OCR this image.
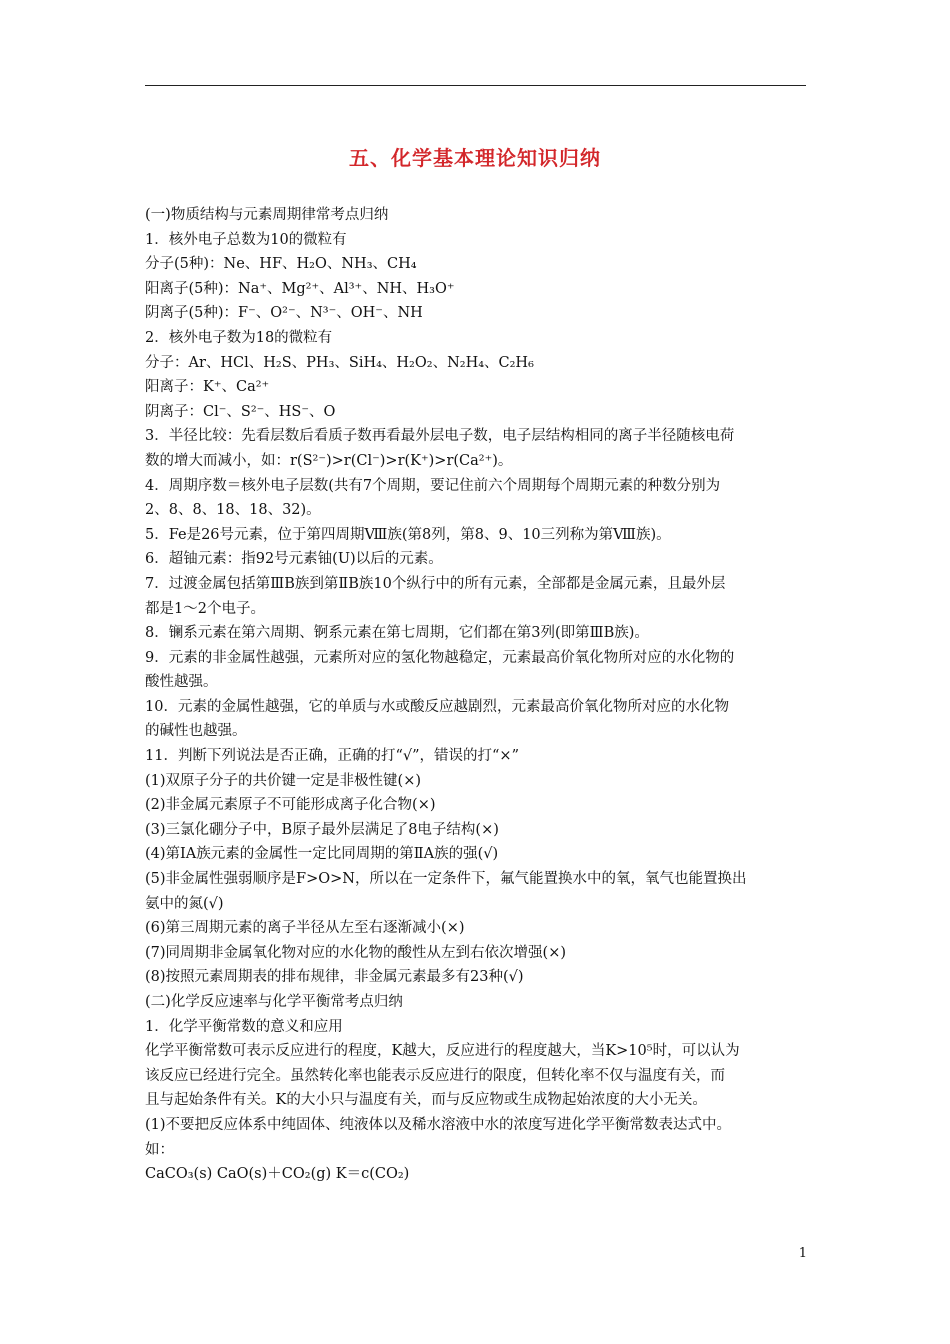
五、化学基本理论知识归纳
(一)物质结构与元素周期律常考点归纳
1．核外电子总数为10的微粒有
分子(5种)：Ne、HF、H₂O、NH₃、CH₄
阳离子(5种)：Na⁺、Mg²⁺、Al³⁺、NH、H₃O⁺
阴离子(5种)：F⁻、O²⁻、N³⁻、OH⁻、NH
2．核外电子数为18的微粒有
分子：Ar、HCl、H₂S、PH₃、SiH₄、H₂O₂、N₂H₄、C₂H₆
阳离子：K⁺、Ca²⁺
阴离子：Cl⁻、S²⁻、HS⁻、O
3．半径比较：先看层数后看质子数再看最外层电子数，电子层结构相同的离子半径随核电荷
数的增大而减小，如：r(S²⁻)>r(Cl⁻)>r(K⁺)>r(Ca²⁺)。
4．周期序数＝核外电子层数(共有7个周期，要记住前六个周期每个周期元素的种数分别为
2、8、8、18、18、32)。
5．Fe是26号元素，位于第四周期Ⅷ族(第8列，第8、9、10三列称为第Ⅷ族)。
6．超铀元素：指92号元素铀(U)以后的元素。
7．过渡金属包括第ⅢB族到第ⅡB族10个纵行中的所有元素，全部都是金属元素，且最外层
都是1～2个电子。
8．镧系元素在第六周期、锕系元素在第七周期，它们都在第3列(即第ⅢB族)。
9．元素的非金属性越强，元素所对应的氢化物越稳定，元素最高价氧化物所对应的水化物的
酸性越强。
10．元素的金属性越强，它的单质与水或酸反应越剧烈，元素最高价氧化物所对应的水化物
的碱性也越强。
11．判断下列说法是否正确，正确的打“√”，错误的打“×”
(1)双原子分子的共价键一定是非极性键(×)
(2)非金属元素原子不可能形成离子化合物(×)
(3)三氯化硼分子中，B原子最外层满足了8电子结构(×)
(4)第ⅠA族元素的金属性一定比同周期的第ⅡA族的强(√)
(5)非金属性强弱顺序是F>O>N，所以在一定条件下，氟气能置换水中的氧，氧气也能置换出
氨中的氮(√)
(6)第三周期元素的离子半径从左至右逐渐减小(×)
(7)同周期非金属氧化物对应的水化物的酸性从左到右依次增强(×)
(8)按照元素周期表的排布规律，非金属元素最多有23种(√)
(二)化学反应速率与化学平衡常考点归纳
1．化学平衡常数的意义和应用
化学平衡常数可表示反应进行的程度，K越大，反应进行的程度越大，当K>10⁵时，可以认为
该反应已经进行完全。虽然转化率也能表示反应进行的限度，但转化率不仅与温度有关，而
且与起始条件有关。K的大小只与温度有关，而与反应物或生成物起始浓度的大小无关。
(1)不要把反应体系中纯固体、纯液体以及稀水溶液中水的浓度写进化学平衡常数表达式中。
如：
CaCO₃(s) CaO(s)＋CO₂(g) K＝c(CO₂)
1
